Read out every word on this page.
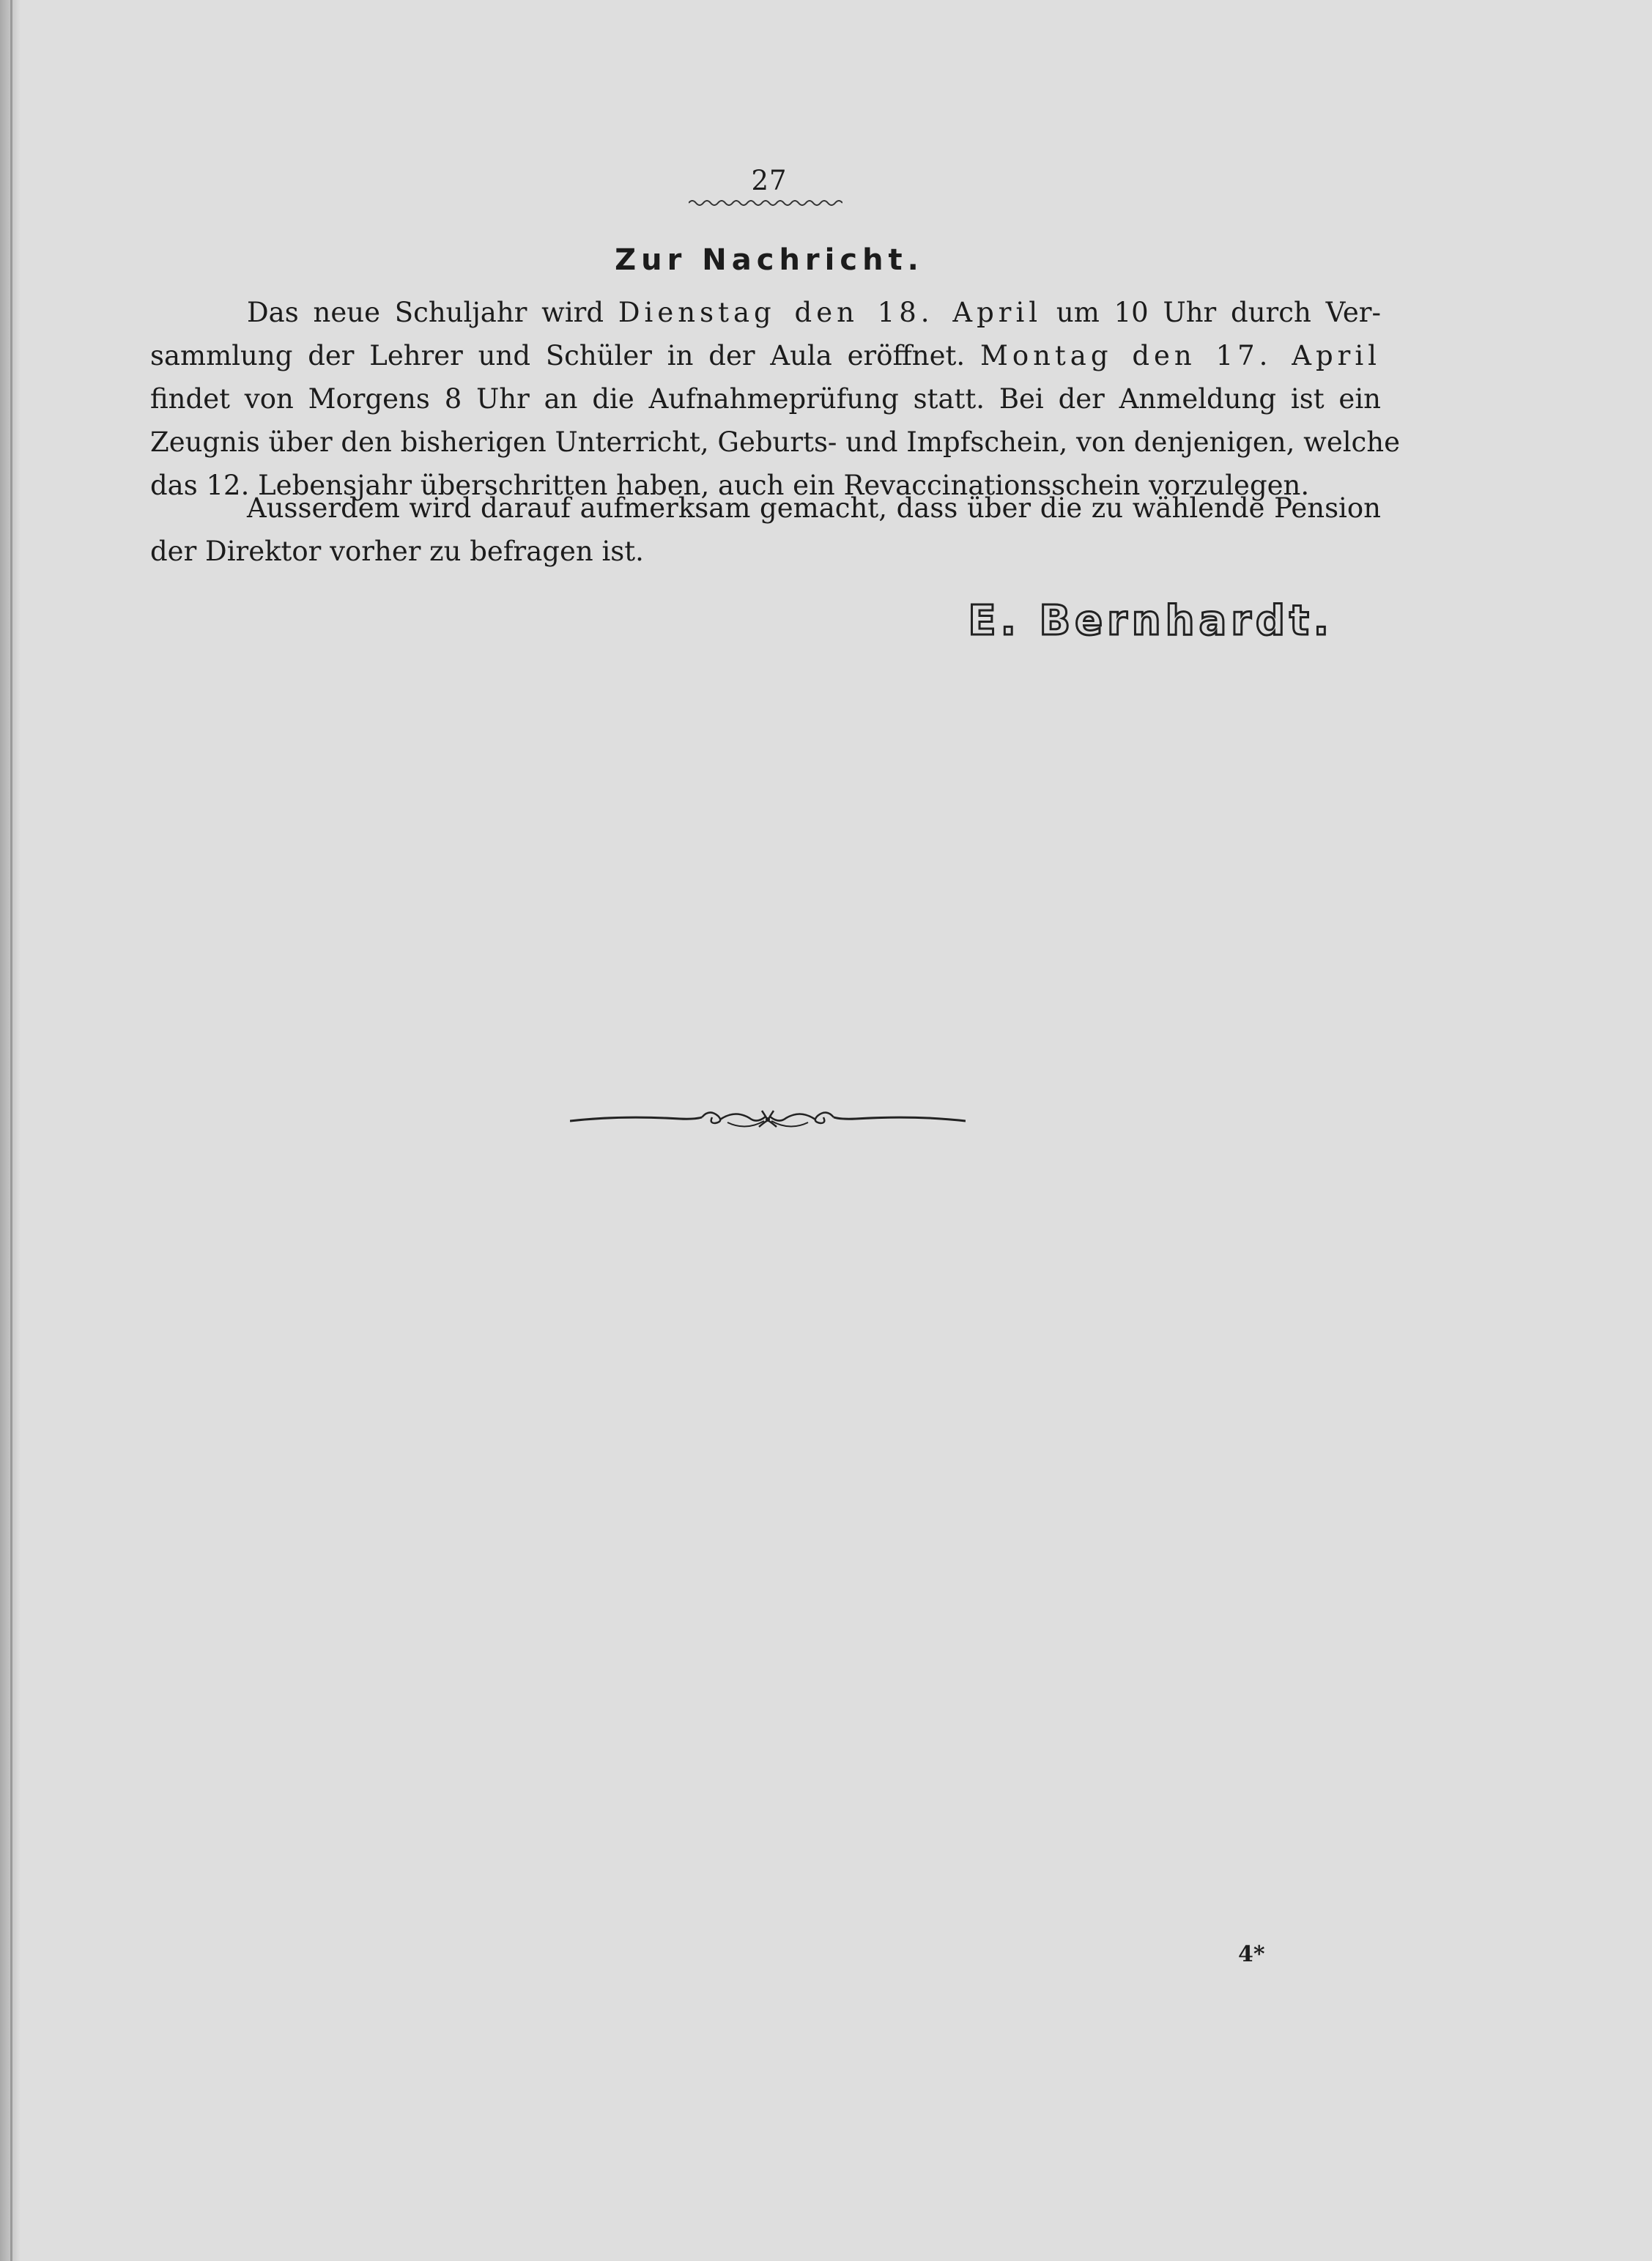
27
Zur Nachricht.
Das neue Schuljahr wird Dienstag den 18. April um 10 Uhr durch Ver-
sammlung der Lehrer und Schüler in der Aula eröffnet. Montag den 17. April
findet von Morgens 8 Uhr an die Aufnahmeprüfung statt. Bei der Anmeldung ist ein
Zeugnis über den bisherigen Unterricht, Geburts- und Impfschein, von denjenigen, welche
das 12. Lebensjahr überschritten haben, auch ein Revaccinationsschein vorzulegen.
Ausserdem wird darauf aufmerksam gemacht, dass über die zu wählende Pension
der Direktor vorher zu befragen ist.
E. Bernhardt.
4*
